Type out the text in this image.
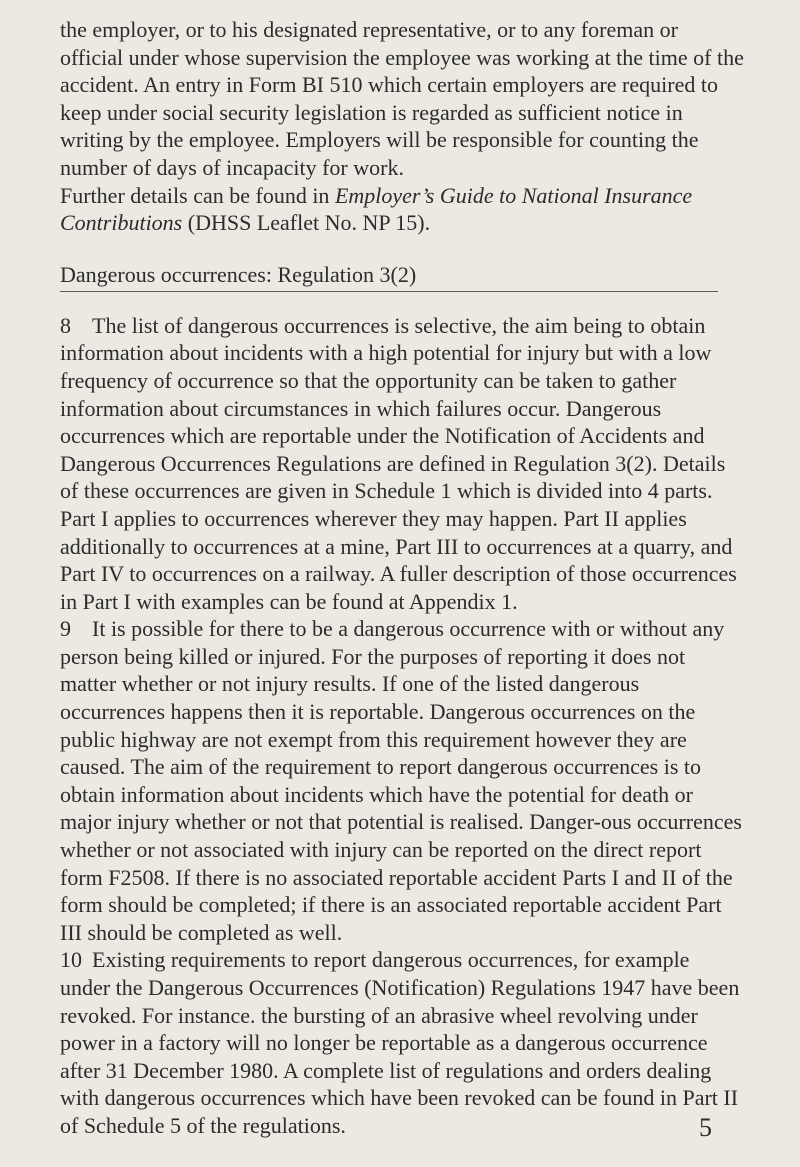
the employer, or to his designated representative, or to any foreman or official under whose supervision the employee was working at the time of the accident. An entry in Form BI 510 which certain employers are required to keep under social security legislation is regarded as sufficient notice in writing by the employee. Employers will be responsible for counting the number of days of incapacity for work.

Further details can be found in Employer’s Guide to National Insurance Contributions (DHSS Leaflet No. NP 15).

Dangerous occurrences: Regulation 3(2)

8 The list of dangerous occurrences is selective, the aim being to obtain information about incidents with a high potential for injury but with a low frequency of occurrence so that the opportunity can be taken to gather information about circumstances in which failures occur. Dangerous occurrences which are reportable under the Notification of Accidents and Dangerous Occurrences Regulations are defined in Regulation 3(2). Details of these occurrences are given in Schedule 1 which is divided into 4 parts. Part I applies to occurrences wherever they may happen. Part II applies additionally to occurrences at a mine, Part III to occurrences at a quarry, and Part IV to occurrences on a railway. A fuller description of those occurrences in Part I with examples can be found at Appendix 1.

9 It is possible for there to be a dangerous occurrence with or without any person being killed or injured. For the purposes of reporting it does not matter whether or not injury results. If one of the listed dangerous occurrences happens then it is reportable. Dangerous occurrences on the public highway are not exempt from this requirement however they are caused. The aim of the requirement to report dangerous occurrences is to obtain information about incidents which have the potential for death or major injury whether or not that potential is realised. Danger-ous occurrences whether or not associated with injury can be reported on the direct report form F2508. If there is no associated reportable accident Parts I and II of the form should be completed; if there is an associated reportable accident Part III should be completed as well.

10 Existing requirements to report dangerous occurrences, for example under the Dangerous Occurrences (Notification) Regulations 1947 have been revoked. For instance. the bursting of an abrasive wheel revolving under power in a factory will no longer be reportable as a dangerous occurrence after 31 December 1980. A complete list of regulations and orders dealing with dangerous occurrences which have been revoked can be found in Part II of Schedule 5 of the regulations.	5
